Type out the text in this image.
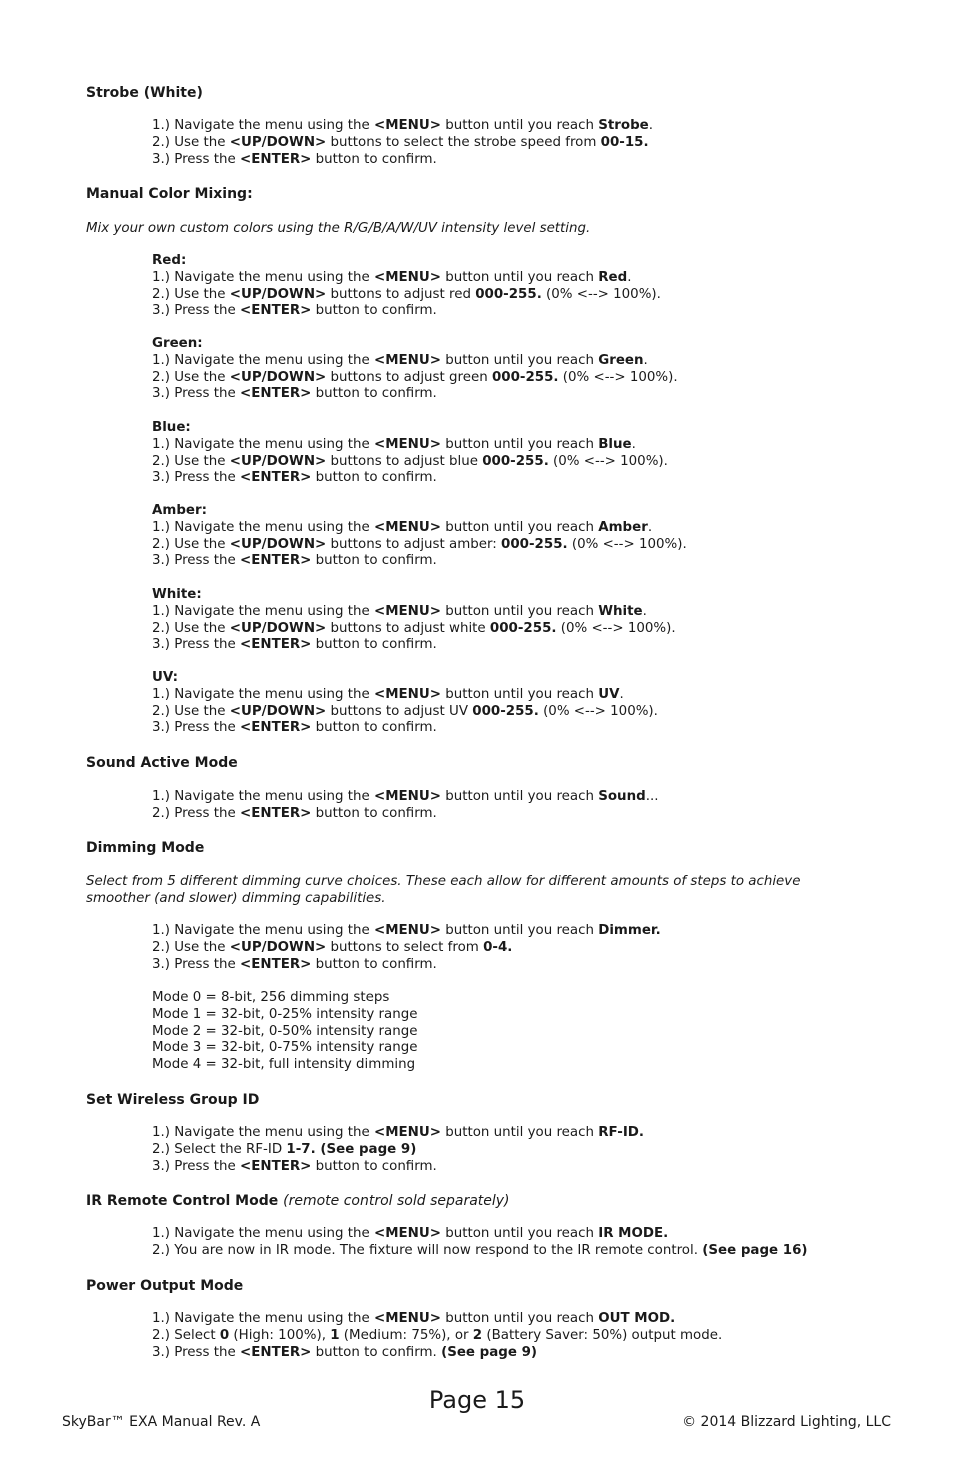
Strobe (White)
1.) Navigate the menu using the <MENU> button until you reach Strobe.
2.) Use the <UP/DOWN> buttons to select the strobe speed from 00-15.
3.) Press the <ENTER> button to confirm.
Manual Color Mixing:

Mix your own custom colors using the R/G/B/A/W/UV intensity level setting.

Red:
1.) Navigate the menu using the <MENU> button until you reach Red.
2.) Use the <UP/DOWN> buttons to adjust red 000-255. (0% <--> 100%).
3.) Press the <ENTER> button to confirm.
Green:
1.) Navigate the menu using the <MENU> button until you reach Green.
2.) Use the <UP/DOWN> buttons to adjust green 000-255. (0% <--> 100%).
3.) Press the <ENTER> button to confirm.
Blue:
1.) Navigate the menu using the <MENU> button until you reach Blue.
2.) Use the <UP/DOWN> buttons to adjust blue 000-255. (0% <--> 100%).
3.) Press the <ENTER> button to confirm.
Amber:
1.) Navigate the menu using the <MENU> button until you reach Amber.
2.) Use the <UP/DOWN> buttons to adjust amber: 000-255. (0% <--> 100%).
3.) Press the <ENTER> button to confirm.
White:
1.) Navigate the menu using the <MENU> button until you reach White.
2.) Use the <UP/DOWN> buttons to adjust white 000-255. (0% <--> 100%).
3.) Press the <ENTER> button to confirm.
UV:
1.) Navigate the menu using the <MENU> button until you reach UV.
2.) Use the <UP/DOWN> buttons to adjust UV 000-255. (0% <--> 100%).
3.) Press the <ENTER> button to confirm.
Sound Active Mode
1.) Navigate the menu using the <MENU> button until you reach Sound...
2.) Press the <ENTER> button to confirm.
Dimming Mode

Select from 5 different dimming curve choices. These each allow for different amounts of steps to achieve smoother (and slower) dimming capabilities.

1.) Navigate the menu using the <MENU> button until you reach Dimmer.
2.) Use the <UP/DOWN> buttons to select from 0-4.
3.) Press the <ENTER> button to confirm.
Mode 0 = 8-bit, 256 dimming steps
Mode 1 = 32-bit, 0-25% intensity range
Mode 2 = 32-bit, 0-50% intensity range
Mode 3 = 32-bit, 0-75% intensity range
Mode 4 = 32-bit, full intensity dimming
Set Wireless Group ID
1.) Navigate the menu using the <MENU> button until you reach RF-ID.
2.) Select the RF-ID 1-7. (See page 9)
3.) Press the <ENTER> button to confirm.
IR Remote Control Mode (remote control sold separately)
1.) Navigate the menu using the <MENU> button until you reach IR MODE.
2.) You are now in IR mode. The fixture will now respond to the IR remote control. (See page 16)
Power Output Mode
1.) Navigate the menu using the <MENU> button until you reach OUT MOD.
2.) Select 0 (High: 100%), 1 (Medium: 75%), or 2 (Battery Saver: 50%) output mode.
3.) Press the <ENTER> button to confirm. (See page 9)
Page 15
SkyBar™ EXA Manual Rev. A	© 2014 Blizzard Lighting, LLC
